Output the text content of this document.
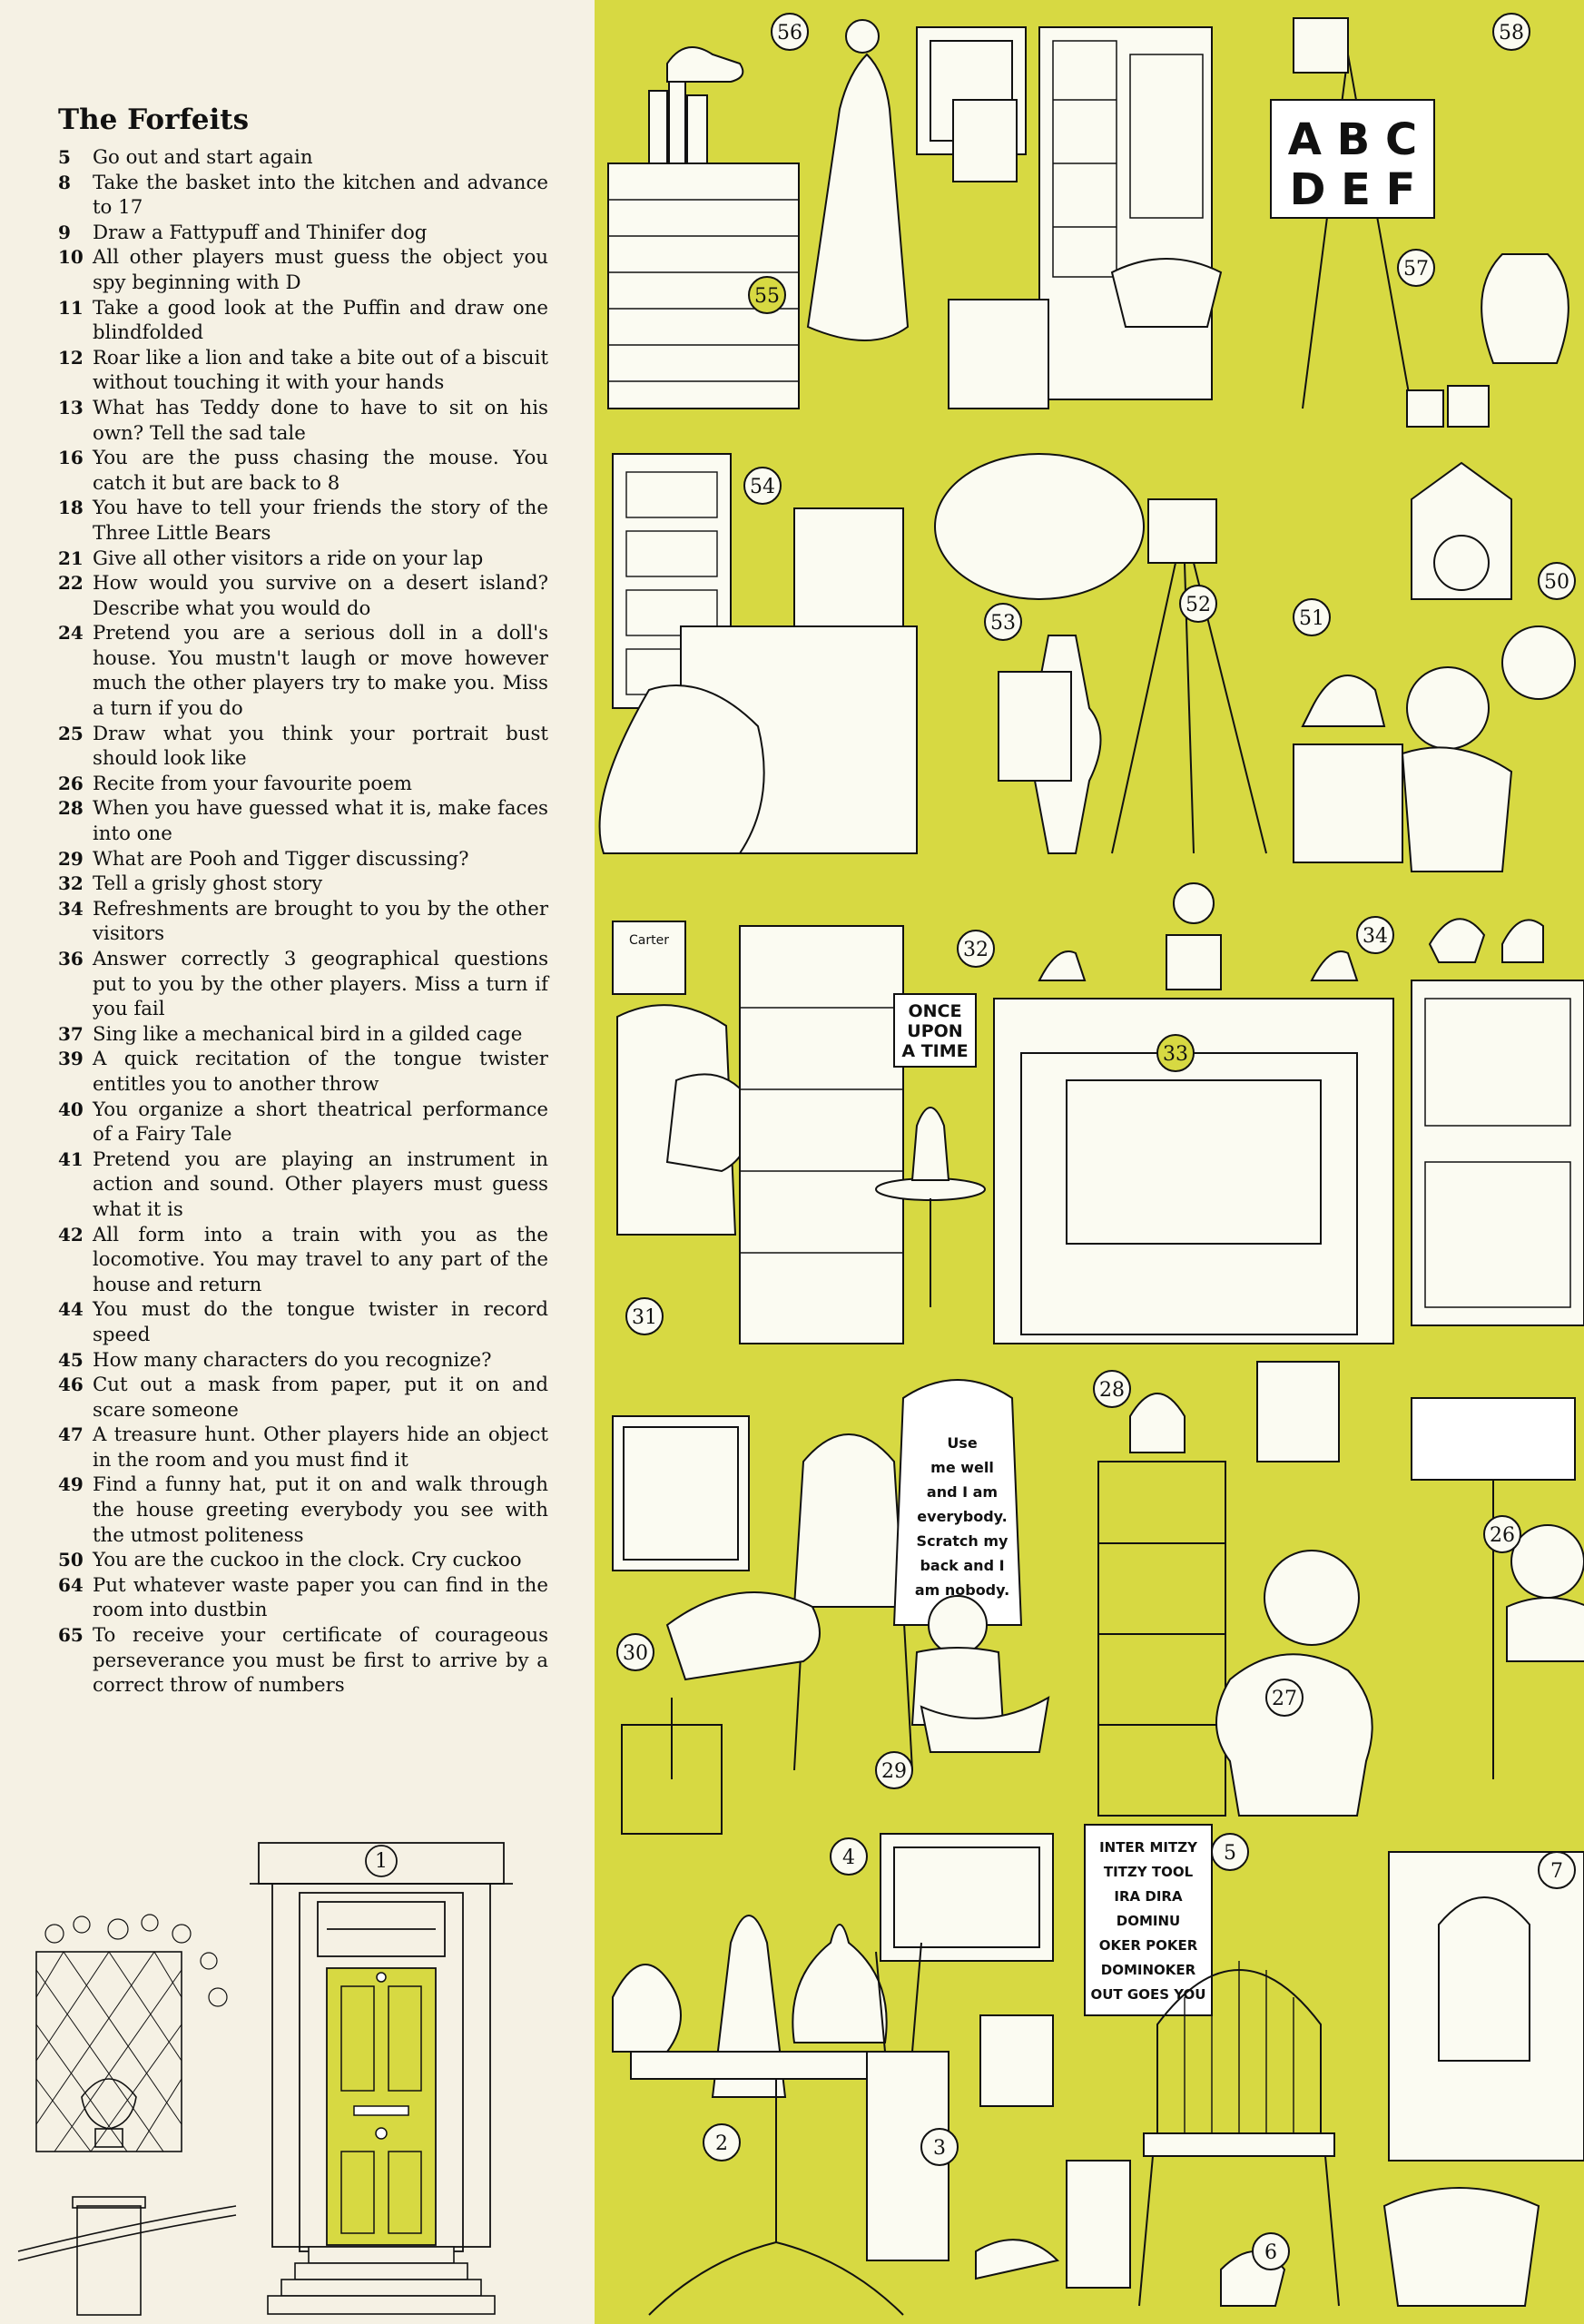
The Forfeits
5	Go out and start again
8	Take the basket into the kitchen and advance to 17
9	Draw a Fattypuff and Thinifer dog
10 All other players must guess the object you spy beginning with D
11 Take a good look at the Puffin and draw one blindfolded
12 Roar like a lion and take a bite out of a biscuit without touching it with your hands
13 What has Teddy done to have to sit on his own? Tell the sad tale
16 You are the puss chasing the mouse. You catch it but are back to 8
18 You have to tell your friends the story of the Three Little Bears
21 Give all other visitors a ride on your lap
22 How would you survive on a desert island? Describe what you would do
24 Pretend you are a serious doll in a doll's house. You mustn't laugh or move however much the other players try to make you. Miss a turn if you do
25 Draw what you think your portrait bust should look like
26 Recite from your favourite poem
28 When you have guessed what it is, make faces into one
29 What are Pooh and Tigger discussing?
32 Tell a grisly ghost story
34 Refreshments are brought to you by the other visitors
36 Answer correctly 3 geographical questions put to you by the other players. Miss a turn if you fail
37 Sing like a mechanical bird in a gilded cage
39 A quick recitation of the tongue twister entitles you to another throw
40 You organize a short theatrical performance of a Fairy Tale
41 Pretend you are playing an instrument in action and sound. Other players must guess what it is
42 All form into a train with you as the locomotive. You may travel to any part of the house and return
44 You must do the tongue twister in record speed
45 How many characters do you recognize?
46 Cut out a mask from paper, put it on and scare someone
47 A treasure hunt. Other players hide an object in the room and you must find it
49 Find a funny hat, put it on and walk through the house greeting everybody you see with the utmost politeness
50 You are the cuckoo in the clock. Cry cuckoo
64 Put whatever waste paper you can find in the room into dustbin
65 To receive your certificate of courageous perseverance you must be first to arrive by a correct throw of numbers
1
2	3
4	5
6
7
26
27
28
29
30
31
32
33
34
50
51
52
53
54
55
56
57
58
A B C
D E F
ONCE
UPON
A TIME
Carter
INTER MITZY
TITZY TOOL
IRA DIRA
DOMINU
OKER POKER
DOMINOKER
OUT GOES YOU
Use
me well
and I am
everybody.
Scratch my
back and I
am nobody.
